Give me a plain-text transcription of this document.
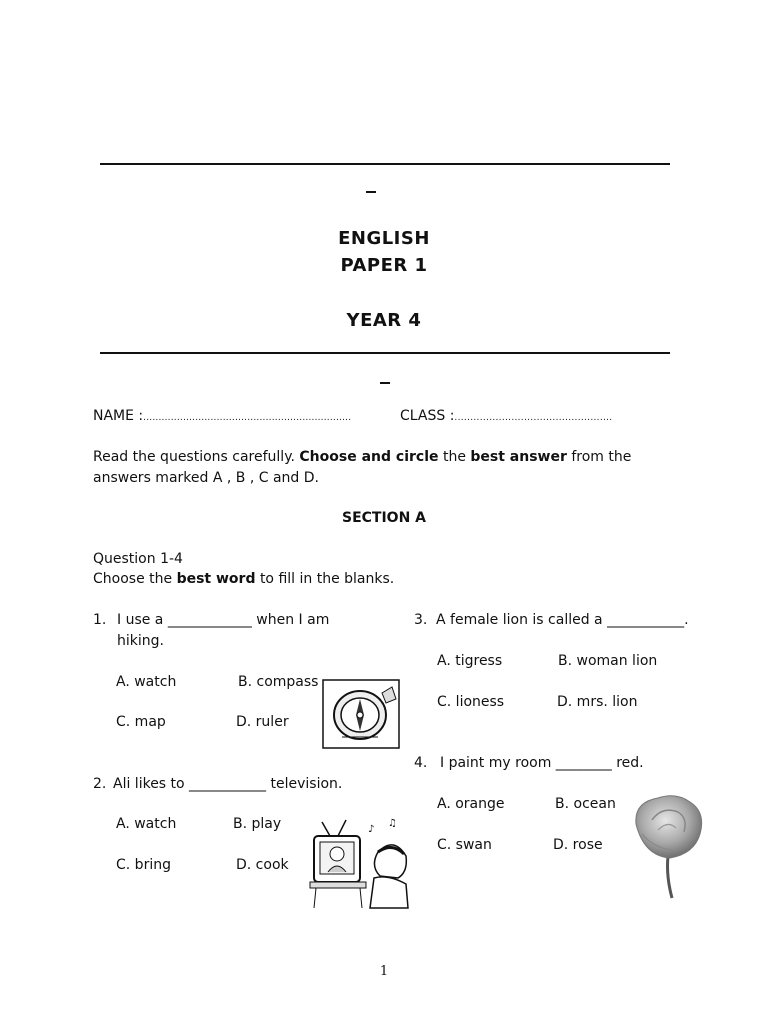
ENGLISH
PAPER 1
YEAR 4
NAME :....................................................................	CLASS :..................................................
Read the questions carefully. Choose and circle the best answer from the
answers marked A , B , C and D.
SECTION A
Question 1-4
Choose the best word to fill in the blanks.
1. I use a ____________ when I am
hiking.
A. watch	B. compass
C. map	D. ruler
2. Ali likes to ___________ television.
A. watch	B. play
C. bring	D. cook
♪
♫
3. A female lion is called a ___________.
A. tigress	B. woman lion
C. lioness	D. mrs. lion
4. I paint my room ________ red.
A. orange	B. ocean
C. swan	D. rose
1
